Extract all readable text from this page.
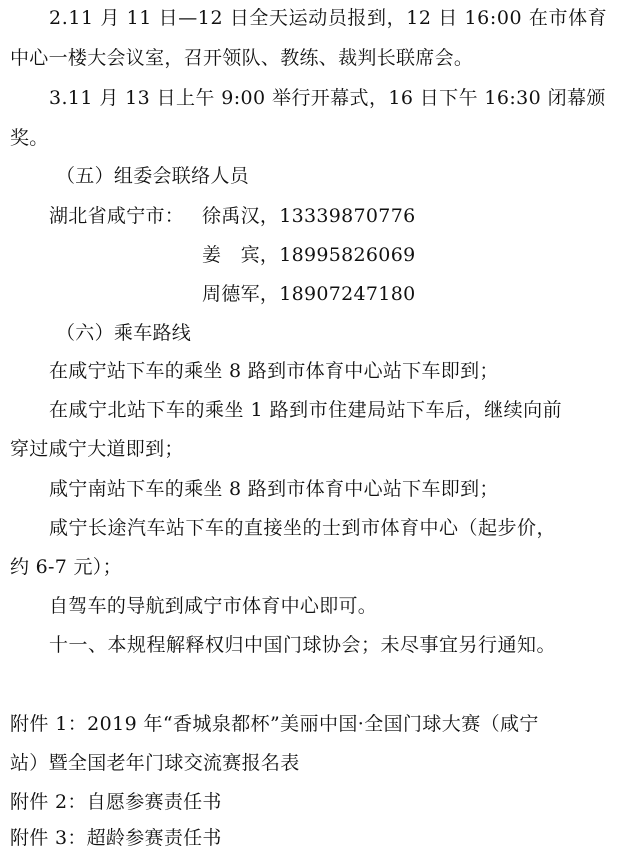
2.11 月 11 日—12 日全天运动员报到，12 日 16:00 在市体育
中心一楼大会议室，召开领队、教练、裁判长联席会。
3.11 月 13 日上午 9:00 举行开幕式，16 日下午 16:30 闭幕颁
奖。
（五）组委会联络人员
湖北省咸宁市： 徐禹汉，13339870776
姜　宾，18995826069
周德军，18907247180
（六）乘车路线
在咸宁站下车的乘坐 8 路到市体育中心站下车即到；
在咸宁北站下车的乘坐 1 路到市住建局站下车后，继续向前
穿过咸宁大道即到；
咸宁南站下车的乘坐 8 路到市体育中心站下车即到；
咸宁长途汽车站下车的直接坐的士到市体育中心（起步价，
约 6-7 元）；
自驾车的导航到咸宁市体育中心即可。
十一、本规程解释权归中国门球协会；未尽事宜另行通知。
附件 1：2019 年“香城泉都杯”美丽中国·全国门球大赛（咸宁
站）暨全国老年门球交流赛报名表
附件 2：自愿参赛责任书
附件 3：超龄参赛责任书
